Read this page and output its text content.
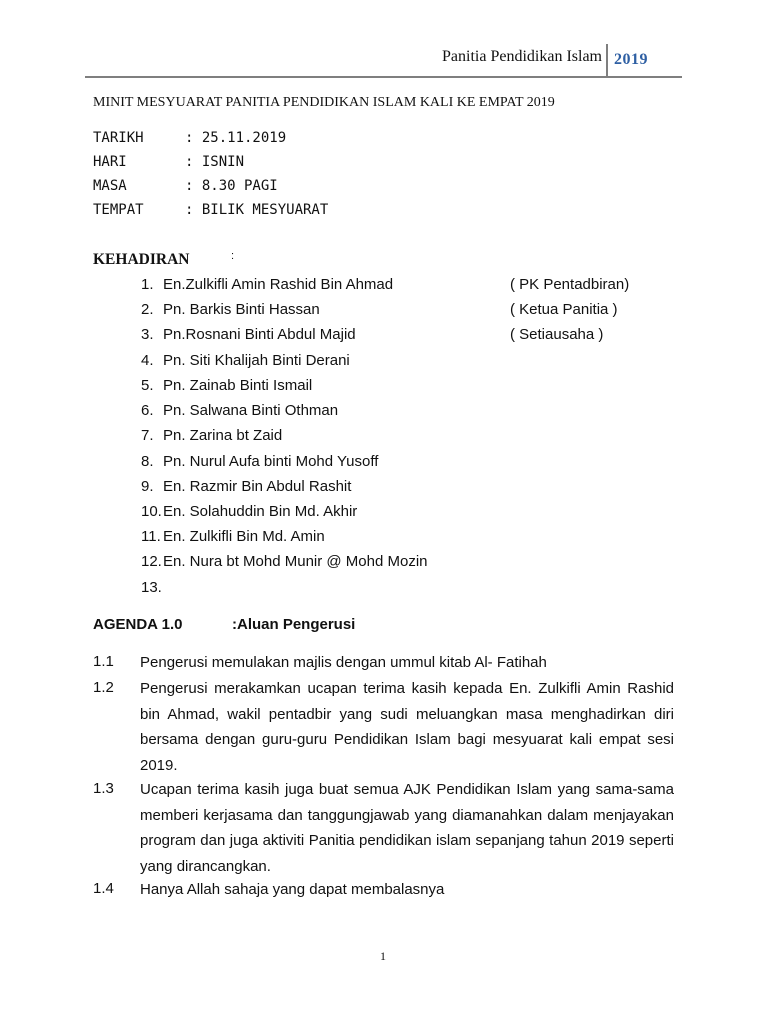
Panitia Pendidikan Islam 2019
MINIT MESYUARAT PANITIA PENDIDIKAN ISLAM KALI KE EMPAT 2019
TARIKH	: 25.11.2019
HARI	: ISNIN
MASA	: 8.30 PAGI
TEMPAT	: BILIK MESYUARAT
KEHADIRAN	:
1. En.Zulkifli Amin Rashid Bin Ahmad	( PK Pentadbiran)
2. Pn. Barkis Binti Hassan	( Ketua Panitia )
3. Pn.Rosnani Binti Abdul Majid	( Setiausaha )
4. Pn. Siti Khalijah Binti Derani
5. Pn. Zainab Binti Ismail
6. Pn. Salwana Binti Othman
7. Pn. Zarina bt Zaid
8. Pn. Nurul Aufa binti Mohd Yusoff
9. En. Razmir Bin Abdul Rashit
10.En. Solahuddin Bin Md. Akhir
11. En. Zulkifli Bin Md. Amin
12.En. Nura bt Mohd Munir @ Mohd Mozin
13.
AGENDA 1.0	:Aluan Pengerusi
1.1 Pengerusi memulakan majlis dengan ummul kitab Al- Fatihah
1.2 Pengerusi merakamkan ucapan terima kasih kepada En. Zulkifli Amin Rashid bin Ahmad, wakil pentadbir yang sudi meluangkan masa menghadirkan diri bersama dengan guru-guru Pendidikan Islam bagi mesyuarat kali empat sesi 2019.
1.3 Ucapan terima kasih juga buat semua AJK Pendidikan Islam yang sama-sama memberi kerjasama dan tanggungjawab yang diamanahkan dalam menjayakan program dan juga aktiviti Panitia pendidikan islam sepanjang tahun 2019 seperti yang dirancangkan.
1.4 Hanya Allah sahaja yang dapat membalasnya
1
